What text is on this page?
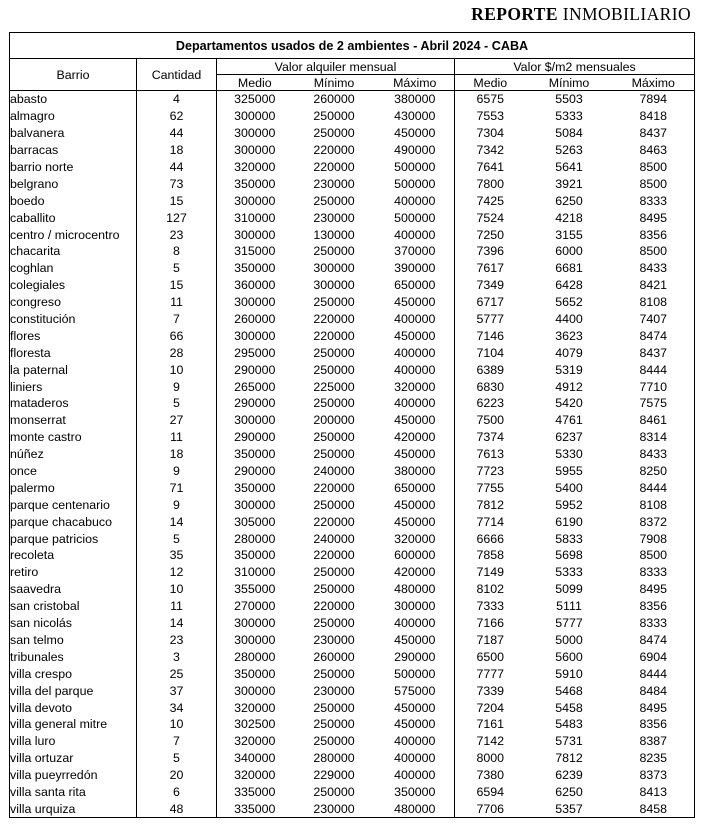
REPORTE INMOBILIARIO
Departamentos usados de 2 ambientes - Abril 2024 - CABA							
Barrio	Cantidad	Valor alquiler mensual			Valor $/m2 mensuales		
		Medio	Mínimo	Máximo	Medio	Mínimo	Máximo
abasto	4	325000	260000	380000	6575	5503	7894
almagro	62	300000	250000	430000	7553	5333	8418
balvanera	44	300000	250000	450000	7304	5084	8437
barracas	18	300000	220000	490000	7342	5263	8463
barrio norte	44	320000	220000	500000	7641	5641	8500
belgrano	73	350000	230000	500000	7800	3921	8500
boedo	15	300000	250000	400000	7425	6250	8333
caballito	127	310000	230000	500000	7524	4218	8495
centro / microcentro	23	300000	130000	400000	7250	3155	8356
chacarita	8	315000	250000	370000	7396	6000	8500
coghlan	5	350000	300000	390000	7617	6681	8433
colegiales	15	360000	300000	650000	7349	6428	8421
congreso	11	300000	250000	450000	6717	5652	8108
constitución	7	260000	220000	400000	5777	4400	7407
flores	66	300000	220000	450000	7146	3623	8474
floresta	28	295000	250000	400000	7104	4079	8437
la paternal	10	290000	250000	400000	6389	5319	8444
liniers	9	265000	225000	320000	6830	4912	7710
mataderos	5	290000	250000	400000	6223	5420	7575
monserrat	27	300000	200000	450000	7500	4761	8461
monte castro	11	290000	250000	420000	7374	6237	8314
núñez	18	350000	250000	450000	7613	5330	8433
once	9	290000	240000	380000	7723	5955	8250
palermo	71	350000	220000	650000	7755	5400	8444
parque centenario	9	300000	250000	450000	7812	5952	8108
parque chacabuco	14	305000	220000	450000	7714	6190	8372
parque patricios	5	280000	240000	320000	6666	5833	7908
recoleta	35	350000	220000	600000	7858	5698	8500
retiro	12	310000	250000	420000	7149	5333	8333
saavedra	10	355000	250000	480000	8102	5099	8495
san cristobal	11	270000	220000	300000	7333	5111	8356
san nicolás	14	300000	250000	400000	7166	5777	8333
san telmo	23	300000	230000	450000	7187	5000	8474
tribunales	3	280000	260000	290000	6500	5600	6904
villa crespo	25	350000	250000	500000	7777	5910	8444
villa del parque	37	300000	230000	575000	7339	5468	8484
villa devoto	34	320000	250000	450000	7204	5458	8495
villa general mitre	10	302500	250000	450000	7161	5483	8356
villa luro	7	320000	250000	400000	7142	5731	8387
villa ortuzar	5	340000	280000	400000	8000	7812	8235
villa pueyrredón	20	320000	229000	400000	7380	6239	8373
villa santa rita	6	335000	250000	350000	6594	6250	8413
villa urquiza	48	335000	230000	480000	7706	5357	8458
